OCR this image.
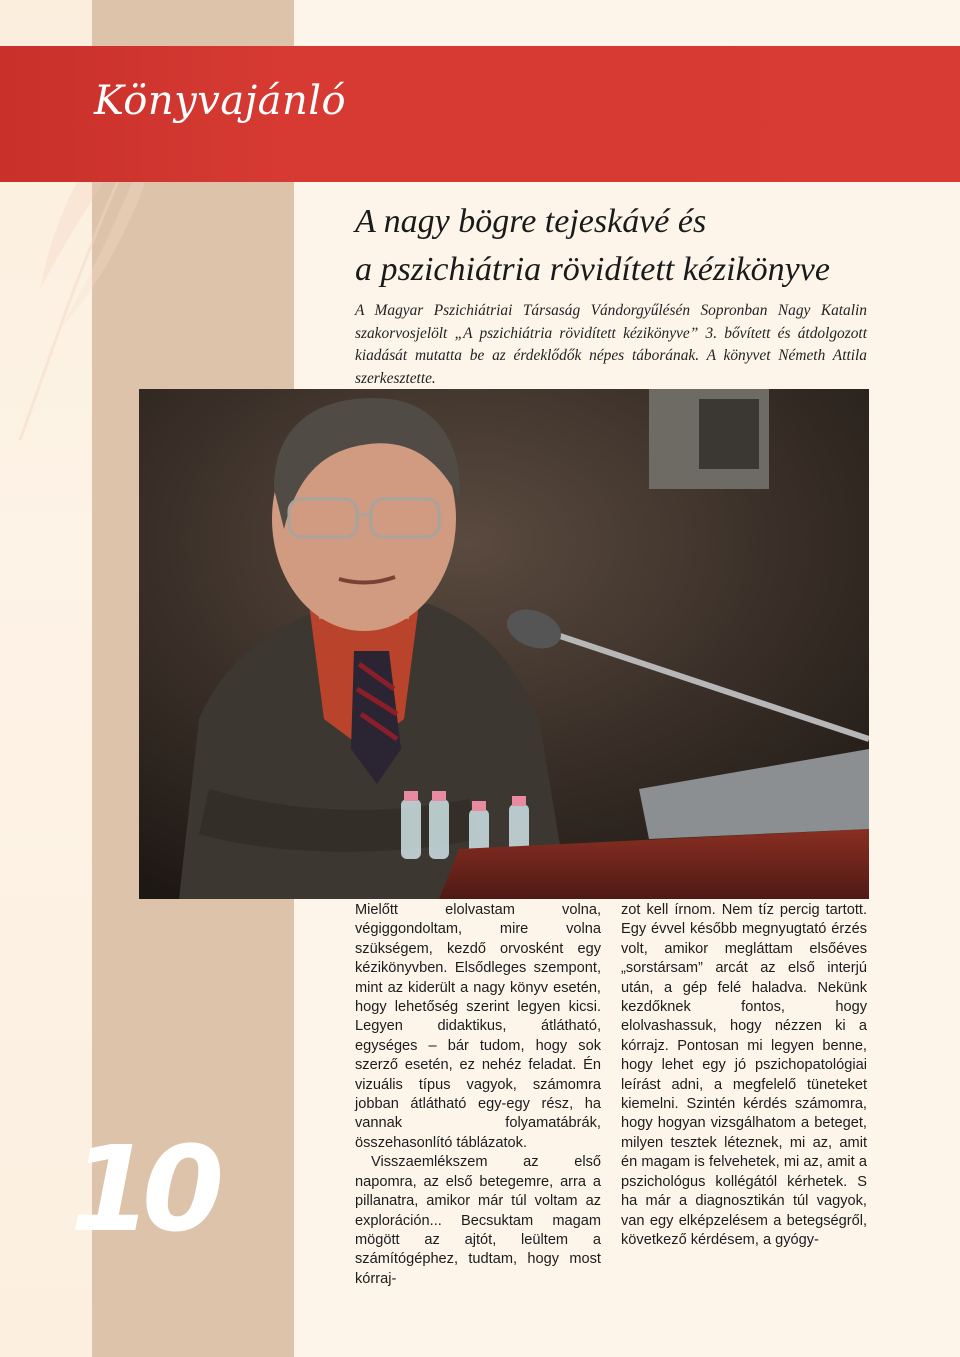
Könyvajánló
A nagy bögre tejeskávé és
a pszichiátria rövidített kézikönyve

A Magyar Pszichiátriai Társaság Vándorgyűlésén Sopronban Nagy Katalin szakorvosjelölt „A pszichiátria rövidített kézikönyve” 3. bővített és átdolgozott kiadását mutatta be az érdeklődők népes táborának. A könyvet Németh Attila szerkesztette.

10

Mielőtt elolvastam volna, végiggondoltam, mire volna szükségem, kezdő orvosként egy kézikönyvben. Elsődleges szempont, mint az kiderült a nagy könyv esetén, hogy lehetőség szerint legyen kicsi. Legyen didaktikus, átlátható, egységes – bár tudom, hogy sok szerző esetén, ez nehéz feladat. Én vizuális típus vagyok, számomra jobban átlátható egy-egy rész, ha vannak folyamatábrák, összehasonlító táblázatok.

Visszaemlékszem az első napomra, az első betegemre, arra a pillanatra, amikor már túl voltam az exploráción... Becsuktam magam mögött az ajtót, leültem a számítógéphez, tudtam, hogy most kórraj-

zot kell írnom. Nem tíz percig tartott. Egy évvel később megnyugtató érzés volt, amikor megláttam elsőéves „sorstársam” arcát az első interjú után, a gép felé haladva. Nekünk kezdőknek fontos, hogy elolvashassuk, hogy nézzen ki a kórrajz. Pontosan mi legyen benne, hogy lehet egy jó pszichopatológiai leírást adni, a megfelelő tüneteket kiemelni. Szintén kérdés számomra, hogy hogyan vizsgálhatom a beteget, milyen tesztek léteznek, mi az, amit én magam is felvehetek, mi az, amit a pszichológus kollégától kérhetek. S ha már a diagnosztikán túl vagyok, van egy elképzelésem a betegségről, következő kérdésem, a gyógy-
